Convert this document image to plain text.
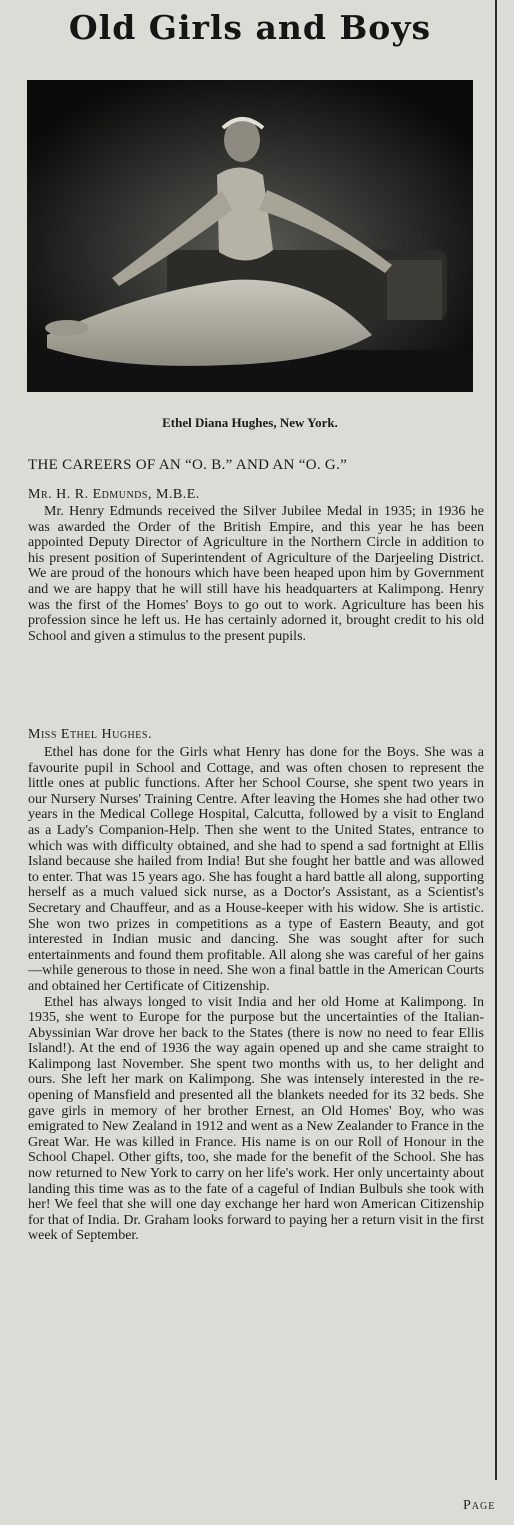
Old Girls and Boys
Ethel Diana Hughes, New York.
THE CAREERS OF AN “O. B.” AND AN “O. G.”
Mr. H. R. Edmunds, M.B.E.

Mr. Henry Edmunds received the Silver Jubilee Medal in 1935; in 1936 he was awarded the Order of the British Empire, and this year he has been appointed Deputy Director of Agriculture in the Northern Circle in addition to his present position of Superintendent of Agriculture of the Darjeeling District. We are proud of the honours which have been heaped upon him by Government and we are happy that he will still have his headquarters at Kalimpong. Henry was the first of the Homes' Boys to go out to work. Agriculture has been his profession since he left us. He has certainly adorned it, brought credit to his old School and given a stimulus to the present pupils.

Miss Ethel Hughes.

Ethel has done for the Girls what Henry has done for the Boys. She was a favourite pupil in School and Cottage, and was often chosen to represent the little ones at public functions. After her School Course, she spent two years in our Nursery Nurses' Training Centre. After leaving the Homes she had other two years in the Medical College Hospital, Calcutta, followed by a visit to England as a Lady's Companion-Help. Then she went to the United States, entrance to which was with difficulty obtained, and she had to spend a sad fortnight at Ellis Island because she hailed from India! But she fought her battle and was allowed to enter. That was 15 years ago. She has fought a hard battle all along, supporting herself as a much valued sick nurse, as a Doctor's Assistant, as a Scientist's Secretary and Chauffeur, and as a House-keeper with his widow. She is artistic. She won two prizes in competitions as a type of Eastern Beauty, and got interested in Indian music and dancing. She was sought after for such entertainments and found them profitable. All along she was careful of her gains—while generous to those in need. She won a final battle in the American Courts and obtained her Certificate of Citizenship.

Ethel has always longed to visit India and her old Home at Kalimpong. In 1935, she went to Europe for the purpose but the uncertainties of the Italian-Abyssinian War drove her back to the States (there is now no need to fear Ellis Island!). At the end of 1936 the way again opened up and she came straight to Kalimpong last November. She spent two months with us, to her delight and ours. She left her mark on Kalimpong. She was intensely interested in the re-opening of Mansfield and presented all the blankets needed for its 32 beds. She gave girls in memory of her brother Ernest, an Old Homes' Boy, who was emigrated to New Zealand in 1912 and went as a New Zealander to France in the Great War. He was killed in France. His name is on our Roll of Honour in the School Chapel. Other gifts, too, she made for the benefit of the School. She has now returned to New York to carry on her life's work. Her only uncertainty about landing this time was as to the fate of a cageful of Indian Bulbuls she took with her! We feel that she will one day exchange her hard won American Citizenship for that of India. Dr. Graham looks forward to paying her a return visit in the first week of September.

Page
